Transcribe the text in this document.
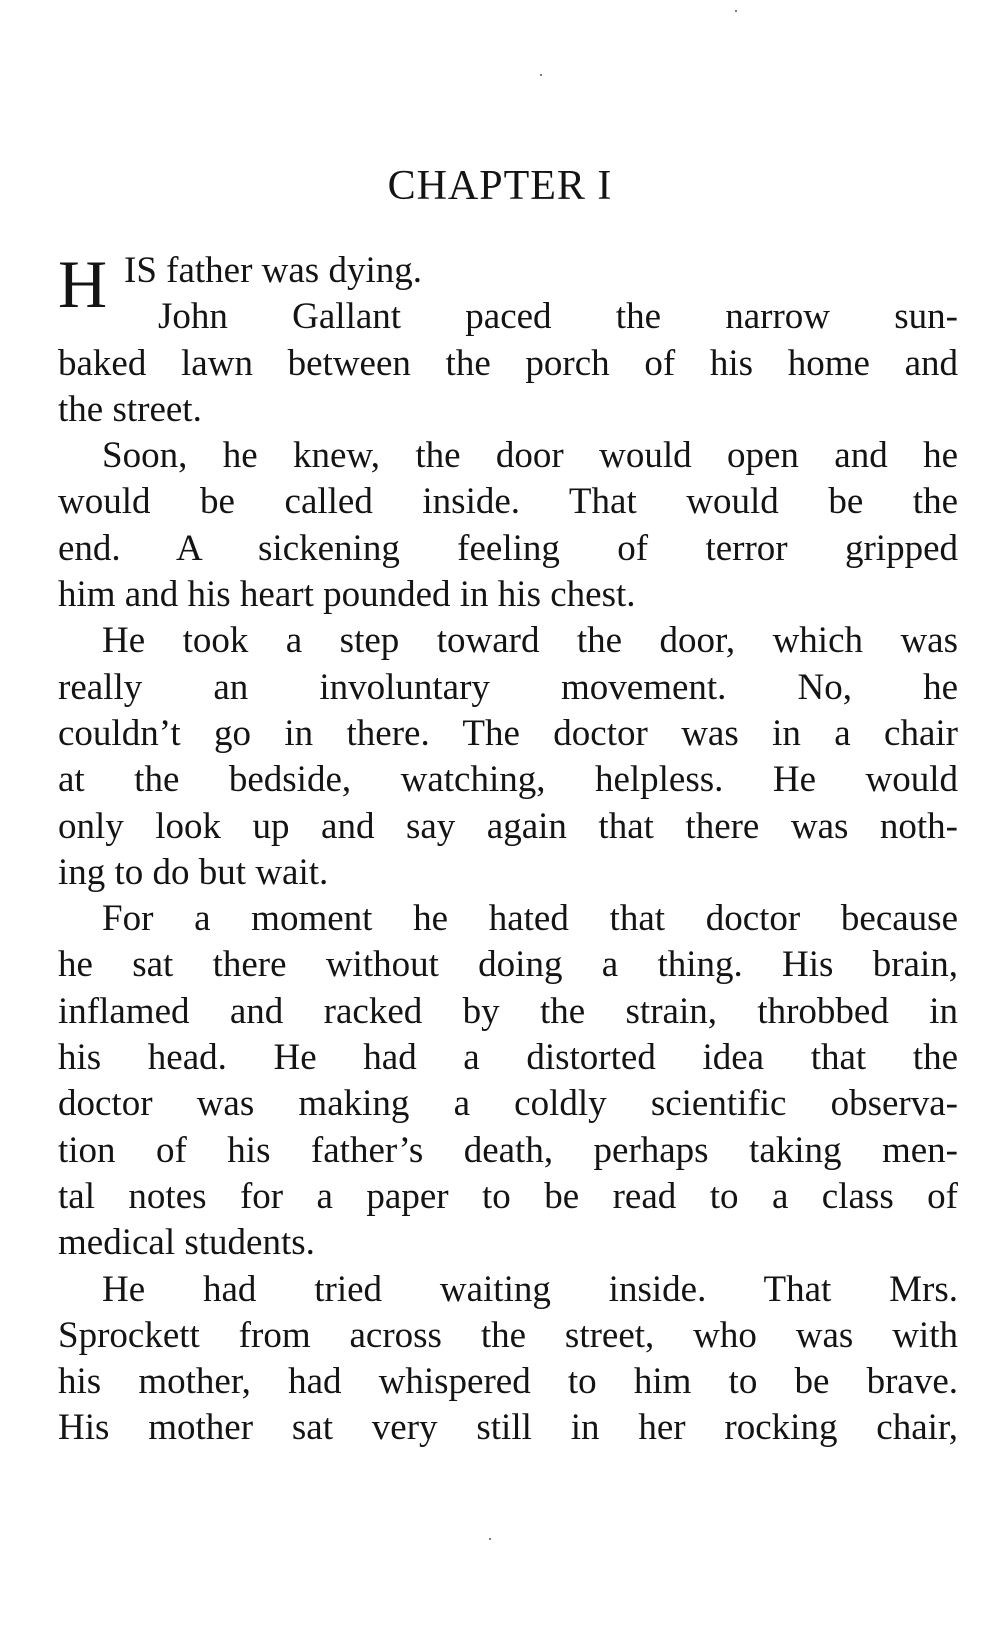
CHAPTER I
H IS father was dying.
John Gallant paced the narrow sun-
baked lawn between the porch of his home and
the street.
Soon, he knew, the door would open and he
would be called inside. That would be the
end. A sickening feeling of terror gripped
him and his heart pounded in his chest.
He took a step toward the door, which was
really an involuntary movement. No, he
couldn’t go in there. The doctor was in a chair
at the bedside, watching, helpless. He would
only look up and say again that there was noth-
ing to do but wait.
For a moment he hated that doctor because
he sat there without doing a thing. His brain,
inflamed and racked by the strain, throbbed in
his head. He had a distorted idea that the
doctor was making a coldly scientific observa-
tion of his father’s death, perhaps taking men-
tal notes for a paper to be read to a class of
medical students.
He had tried waiting inside. That Mrs.
Sprockett from across the street, who was with
his mother, had whispered to him to be brave.
His mother sat very still in her rocking chair,
